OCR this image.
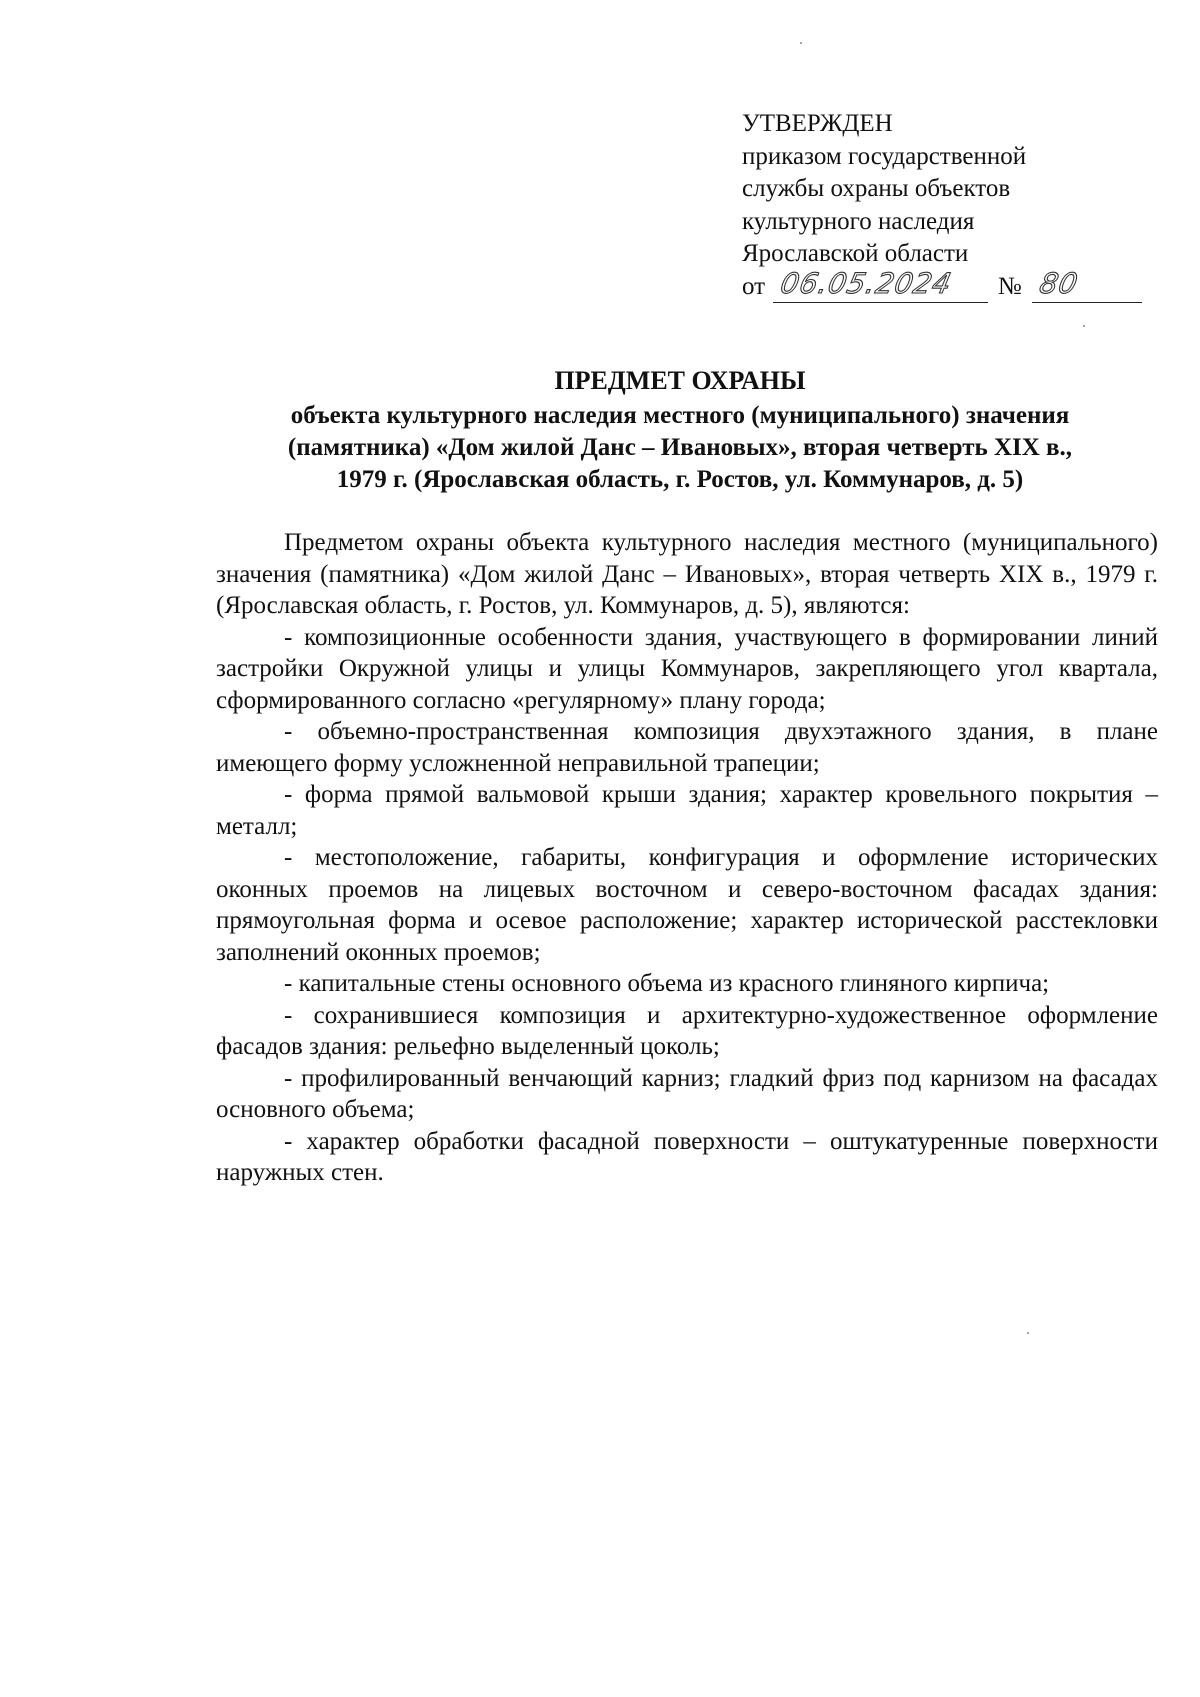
УТВЕРЖДЕН
приказом государственной
службы охраны объектов
культурного наследия
Ярославской области
от 06.05.2024 № 80
ПРЕДМЕТ ОХРАНЫ
объекта культурного наследия местного (муниципального) значения
(памятника) «Дом жилой Данс – Ивановых», вторая четверть XIX в.,
1979 г. (Ярославская область, г. Ростов, ул. Коммунаров, д. 5)

Предметом охраны объекта культурного наследия местного (муниципального) значения (памятника) «Дом жилой Данс – Ивановых», вторая четверть XIX в., 1979 г. (Ярославская область, г. Ростов, ул. Коммунаров, д. 5), являются:

- композиционные особенности здания, участвующего в формировании линий застройки Окружной улицы и улицы Коммунаров, закрепляющего угол квартала, сформированного согласно «регулярному» плану города;
- объемно-пространственная композиция двухэтажного здания, в плане имеющего форму усложненной неправильной трапеции;
- форма прямой вальмовой крыши здания; характер кровельного покрытия – металл;
- местоположение, габариты, конфигурация и оформление исторических оконных проемов на лицевых восточном и северо-восточном фасадах здания: прямоугольная форма и осевое расположение; характер исторической расстекловки заполнений оконных проемов;
- капитальные стены основного объема из красного глиняного кирпича;
- сохранившиеся композиция и архитектурно-художественное оформление фасадов здания: рельефно выделенный цоколь;
- профилированный венчающий карниз; гладкий фриз под карнизом на фасадах основного объема;
- характер обработки фасадной поверхности – оштукатуренные поверхности наружных стен.
